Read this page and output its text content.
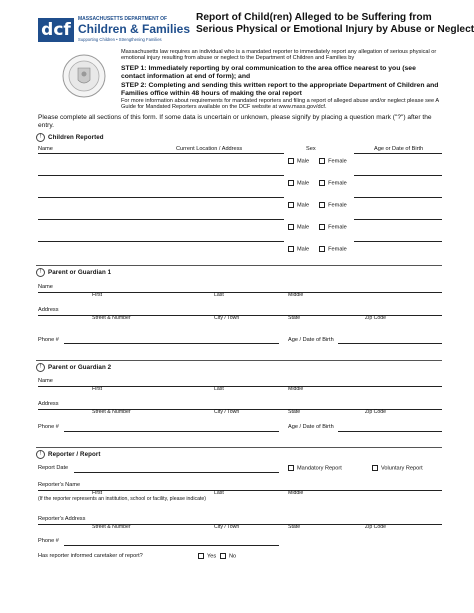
dcf
MASSACHUSETTS DEPARTMENT OF
Children & Families
Supporting Children • Strengthening Families
Report of Child(ren) Alleged to be Suffering from
Serious Physical or Emotional Injury by Abuse or Neglect
Massachusetts law requires an individual who is a mandated reporter to immediately report any allegation of serious physical or emotional injury resulting from abuse or neglect to the Department of Children and Families by
STEP 1: Immediately reporting by oral communication to the area office nearest to you (see contact information at end of form); and
STEP 2: Completing and sending this written report to the appropriate Department of Children and Families office within 48 hours of making the oral report
For more information about requirements for mandated reporters and filing a report of alleged abuse and/or neglect please see A Guide for Mandated Reporters available on the DCF website at www.mass.gov/dcf.
Please complete all sections of this form. If some data is uncertain or unknown, please signify by placing a question mark ("?") after the entry.
!	Children Reported
Name	Current Location / Address	Sex	Age or Date of Birth
Male	Female
Male	Female
Male	Female
Male	Female
Male	Female
!	Parent or Guardian 1
Name
First	Last	Middle
Address
Street & Number	City / Town	State	Zip Code
Phone #	Age / Date of Birth
!	Parent or Guardian 2
Name
First	Last	Middle
Address
Street & Number	City / Town	State	Zip Code
Phone #	Age / Date of Birth
!	Reporter / Report
Report Date	Mandatory Report	Voluntary Report
Reporter's Name
First	Last	Middle
(If the reporter represents an institution, school or facility, please indicate)
Reporter's Address
Street & Number	City / Town	State	Zip Code
Phone #
Has reporter informed caretaker of report?	Yes	No
